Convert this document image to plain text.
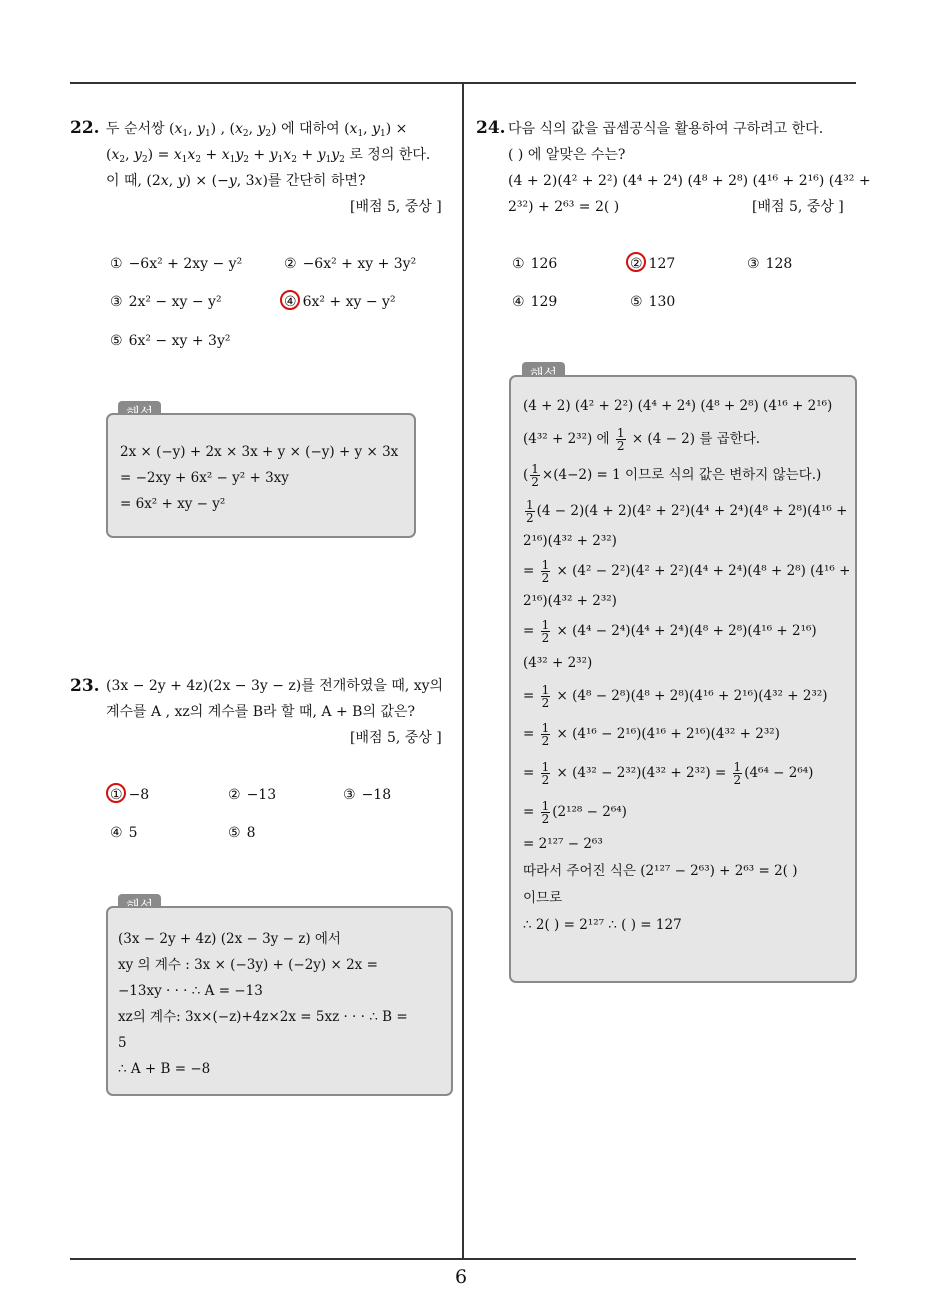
22. 두 순서쌍 ($x_1$, $y_1$) , ($x_2$, $y_2$) 에 대하여 ($x_1$, $y_1$) ×
($x_2$, $y_2) = x_1x_2 + x_1y_2 + y_1x_2 + y_1y_2$ 로 정의 한다.
이 때, (2x, y) × (−y, 3x)를 간단히 하면?
[배점 5, 중상 ]
① −6x² + 2xy − y²	② −6x² + xy + 3y²
③ 2x² − xy − y²	④ 6x² + xy − y²
⑤ 6x² − xy + 3y²
2x × (−y) + 2x × 3x + y × (−y) + y × 3x
= −2xy + 6x² − y² + 3xy
= 6x² + xy − y²
23. (3x − 2y + 4z)(2x − 3y − z)를 전개하였을 때, xy의
계수를 A , xz의 계수를 B라 할 때, A + B의 값은?
[배점 5, 중상 ]
① −8	② −13	③ −18
④ 5	⑤ 8
(3x − 2y + 4z) (2x − 3y − z) 에서
xy 의 계수 : 3x × (−3y) + (−2y) × 2x =
−13xy · · · ∴ A = −13
xz의 계수: 3x×(−z)+4z×2x = 5xz · · · ∴ B =
5
∴ A + B = −8
24. 다음 식의 값을 곱셈공식을 활용하여 구하려고 한다.
( ) 에 알맞은 수는?
(4 + 2)(4² + 2²) (4⁴ + 2⁴) (4⁸ + 2⁸) (4¹⁶ + 2¹⁶) (4³² +
2³²) + 2⁶³ = 2( )	[배점 5, 중상 ]
① 126	② 127	③ 128
④ 129	⑤ 130
(4 + 2) (4² + 2²) (4⁴ + 2⁴) (4⁸ + 2⁸) (4¹⁶ + 2¹⁶)
(4³² + 2³²) 에 $\frac{1}{2} \times (4 - 2)$ 를 곱한다.
( $\frac{1}{2} \times(4-2) = 1$ 이므로 식의 값은 변하지 않는다.)
$\frac{1}{2} (4 - 2)(4 + 2)(4^2 + 2^2)(4^4 + 2^4)(4^8 + 2^8)(4^{16}$ +
2¹⁶)(4³² + 2³²)
= $\frac{1}{2} \times (4^2 - 2^2)(4^2 + 2^2)(4^4 + 2^4)(4^8 + 2^8) (4^{16}$ +
2¹⁶)(4³² + 2³²)
= $\frac{1}{2} \times (4^4 - 2^4)(4^4 + 2^4)(4^8 + 2^8)(4^{16} + 2^{16})$
(4³² + 2³²)
= $\frac{1}{2} \times (4^8 - 2^8)(4^8 + 2^8)(4^{16} + 2^{16})(4^{32} + 2^{32})$
= $\frac{1}{2} \times (4^{16} - 2^{16})(4^{16} + 2^{16})(4^{32} + 2^{32})$
= $\frac{1}{2} \times (4^{32} - 2^{32})(4^{32} + 2^{32}) = \frac{1}{2} (4^{64} - 2^{64})$
= $\frac{1}{2} (2^{128} - 2^{64})$
= 2¹²⁷ − 2⁶³
따라서 주어진 식은 (2¹²⁷ − 2⁶³) + 2⁶³ = 2( )
이므로
∴ 2( ) = 2¹²⁷ ∴ ( ) = 127
6
